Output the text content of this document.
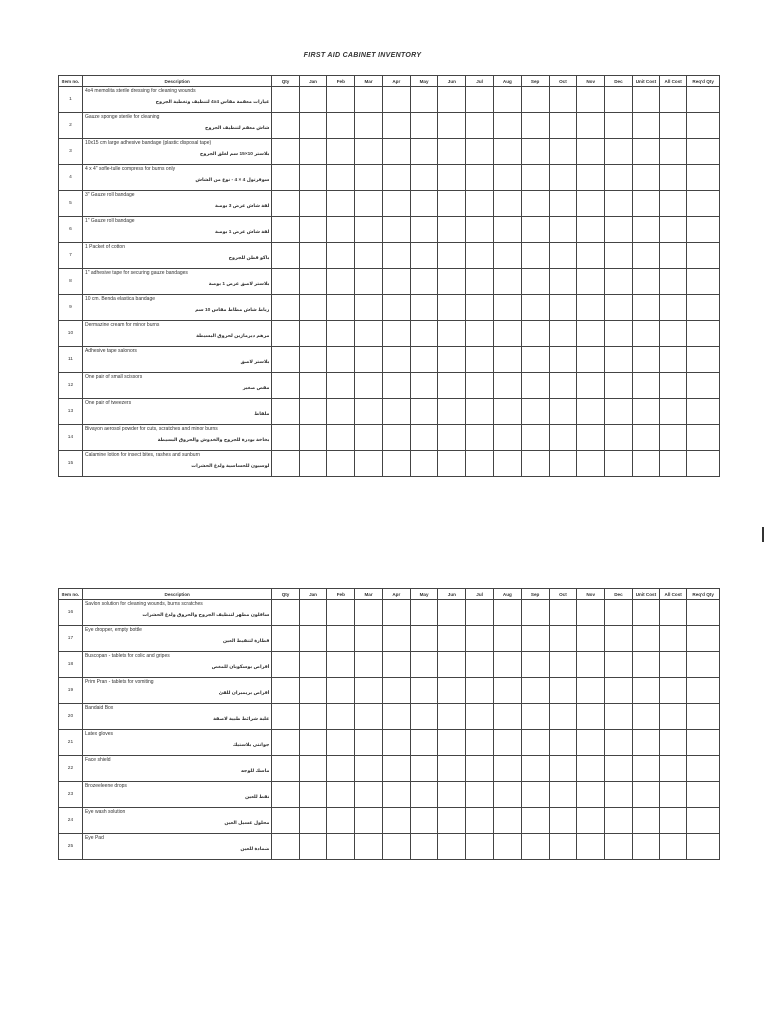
FIRST AID CABINET INVENTORY
Item no.	Description	Qty	Jan	Feb	Mar	Apr	May	Jun	Jul	Aug	Sep	Oct	Nov	Dec	Unit Cost	All Cost	Req'd Qty
1	4x4 memolita sterile dressing for cleaning wounds
غيارات معقمة مقاس 4x4 لتنظيف وتغطية الجروح																

2	Gauze sponge sterile for cleaning
شاش معقم لتنظيف الجروح																

3	10x15 cm large adhesive bandage (plastic disposal tape)
بلاستر 10×15 سم لغلق الجروح																

4	4 x 4" sofle-tulle compress for burns only
سوفرتول 4 × 4 - نوع من الشاش																

5	3" Gauze roll bandage
لفة شاش عرض 3 بوصة																

6	1" Gauze roll bandage
لفة شاش عرض 1 بوصة																

7	1 Packet of cotton
باكو قطن للجروح																

8	1" adhesive tape for securing gauze bandages
بلاستر لاصق عرض 1 بوصة																

9	10 cm. Benda elastica bandage
رباط شاش مطاط مقاس 10 سم																

10	Dermazine cream for minor burns
مرهم ديرمازين لحروق البسيطة																

11	Adhesive tape salonors
بلاستر لاصق																

12	One pair of small scissors
مقص صغير																

13	One pair of tweezers
ملقاط																

14	Bivayon aerosol powder for cuts, scratches and minor burns
بخاخة بودرة للجروح والخدوش والحروق البسيطة																

15	Calamine lotion for insect bites, rashes and sunburn
لوسيون للحساسية ولدغ الحشرات																

Item no.	Description	Qty	Jan	Feb	Mar	Apr	May	Jun	Jul	Aug	Sep	Oct	Nov	Dec	Unit Cost	All Cost	Req'd Qty
16	Savlon solution for cleaning wounds, burns scratches
سافلون مطهر لتنظيف الجروح والحروق ولدغ الحشرات																

17	Eye dropper, empty bottle
قطارة لتنقيط العين																

18	Buscopan - tablets for colic and gripes
أقراص بوسكوبان للمغص																

19	Prim Pran - tablets for vomiting
أقراص بريمبران للقئ																

20	Bandaid Box
علبة شرائط طبية لاصقة																

21	Latex gloves
جوانتي بلاستيك																

22	Face shield
ماسك للوجه																

23	Brozeeleene drops
نقط للعين																

24	Eye wash solution
محلول غسيل العين																

25	Eye Pad
ضمادة للعين																
